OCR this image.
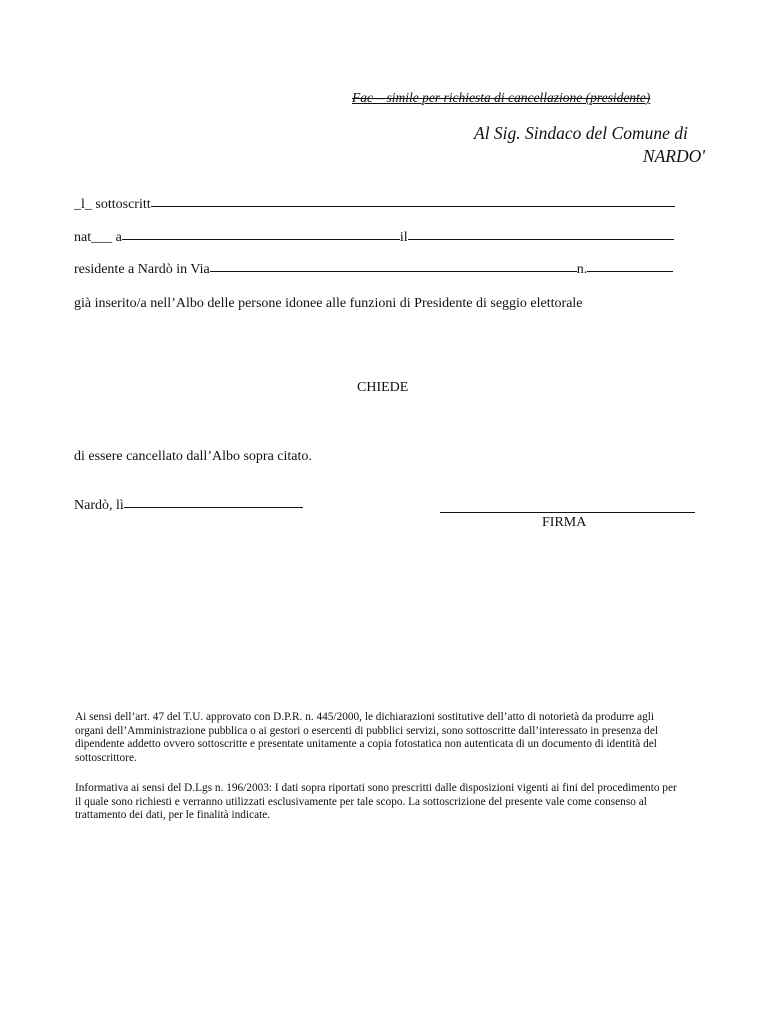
Fac – simile per richiesta di cancellazione (presidente)
Al Sig. Sindaco del Comune di
NARDO'
_l_ sottoscritt
nat___ a	il
residente a Nardò in Via	n.
già inserito/a nell’Albo delle persone idonee alle funzioni di Presidente di seggio elettorale
CHIEDE
di essere cancellato dall’Albo sopra citato.
Nardò, lì
FIRMA
Ai sensi dell’art. 47 del T.U. approvato con D.P.R. n. 445/2000, le dichiarazioni sostitutive dell’atto di notorietà da produrre agli organi dell’Amministrazione pubblica o ai gestori o esercenti di pubblici servizi, sono sottoscritte dall’interessato in presenza del dipendente addetto ovvero sottoscritte e presentate unitamente a copia fotostatica non autenticata di un documento di identità del sottoscrittore.
Informativa ai sensi del D.Lgs n. 196/2003: I dati sopra riportati sono prescritti dalle disposizioni vigenti ai fini del procedimento per il quale sono richiesti e verranno utilizzati esclusivamente per tale scopo. La sottoscrizione del presente vale come consenso al trattamento dei dati, per le finalità indicate.
